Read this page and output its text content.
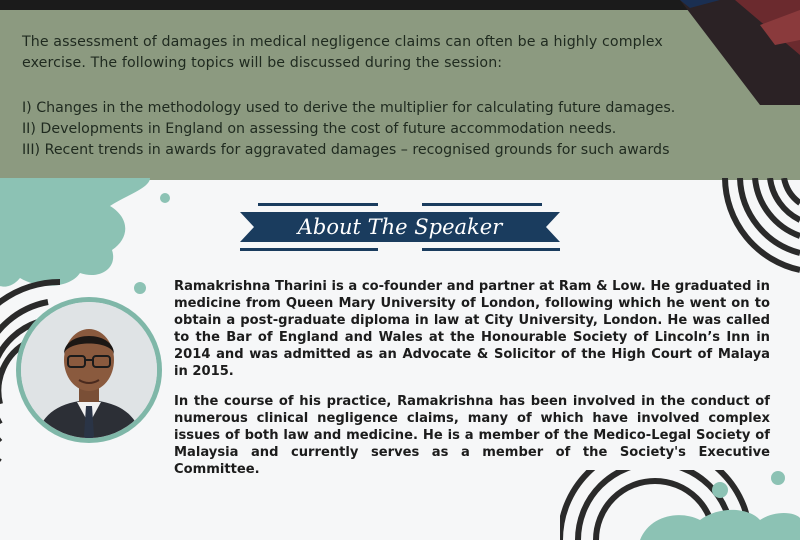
The assessment of damages in medical negligence claims can often be a highly complex exercise. The following topics will be discussed during the session:

I) Changes in the methodology used to derive the multiplier for calculating future damages.
II) Developments in England on assessing the cost of future accommodation needs.
III) Recent trends in awards for aggravated damages – recognised grounds for such awards
About The Speaker

Ramakrishna Tharini is a co-founder and partner at Ram & Low. He graduated in medicine from Queen Mary University of London, following which he went on to obtain a post-graduate diploma in law at City University, London. He was called to the Bar of England and Wales at the Honourable Society of Lincoln’s Inn in 2014 and was admitted as an Advocate & Solicitor of the High Court of Malaya in 2015.

In the course of his practice, Ramakrishna has been involved in the conduct of numerous clinical negligence claims, many of which have involved complex issues of both law and medicine. He is a member of the Medico-Legal Society of Malaysia and currently serves as a member of the Society's Executive Committee.
